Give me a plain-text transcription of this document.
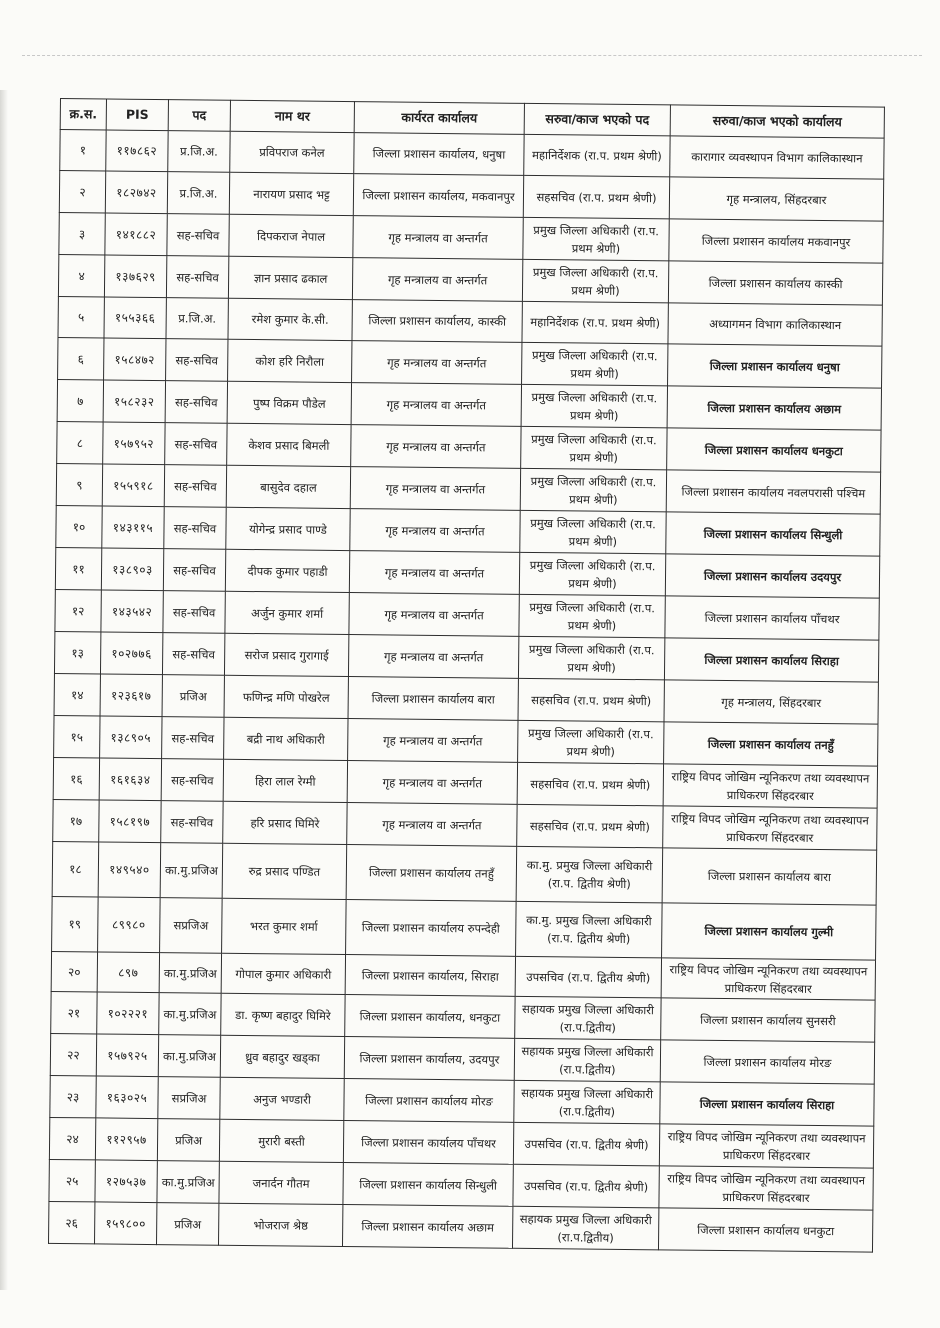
क्र.स.	PIS	पद	नाम थर	कार्यरत कार्यालय	सरुवा/काज भएको पद	सरुवा/काज भएको कार्यालय
१	११७८६२	प्र.जि.अ.	प्रविपराज कनेल	जिल्ला प्रशासन कार्यालय, धनुषा	महानिर्देशक (रा.प. प्रथम श्रेणी)	कारागार व्यवस्थापन विभाग कालिकास्थान
२	१८२७४२	प्र.जि.अ.	नारायण प्रसाद भट्ट	जिल्ला प्रशासन कार्यालय, मकवानपुर	सहसचिव (रा.प. प्रथम श्रेणी)	गृह मन्त्रालय, सिंहदरबार
३	१४१८८२	सह-सचिव	दिपकराज नेपाल	गृह मन्त्रालय वा अन्तर्गत	प्रमुख जिल्ला अधिकारी (रा.प. प्रथम श्रेणी)	जिल्ला प्रशासन कार्यालय मकवानपुर
४	१३७६२९	सह-सचिव	ज्ञान प्रसाद ढकाल	गृह मन्त्रालय वा अन्तर्गत	प्रमुख जिल्ला अधिकारी (रा.प. प्रथम श्रेणी)	जिल्ला प्रशासन कार्यालय कास्की
५	१५५३६६	प्र.जि.अ.	रमेश कुमार के.सी.	जिल्ला प्रशासन कार्यालय, कास्की	महानिर्देशक (रा.प. प्रथम श्रेणी)	अध्यागमन विभाग कालिकास्थान
६	१५८४७२	सह-सचिव	कोश हरि निरौला	गृह मन्त्रालय वा अन्तर्गत	प्रमुख जिल्ला अधिकारी (रा.प. प्रथम श्रेणी)	जिल्ला प्रशासन कार्यालय धनुषा
७	१५८२३२	सह-सचिव	पुष्प विक्रम पौडेल	गृह मन्त्रालय वा अन्तर्गत	प्रमुख जिल्ला अधिकारी (रा.प. प्रथम श्रेणी)	जिल्ला प्रशासन कार्यालय अछाम
८	१५७९५२	सह-सचिव	केशव प्रसाद बिमली	गृह मन्त्रालय वा अन्तर्गत	प्रमुख जिल्ला अधिकारी (रा.प. प्रथम श्रेणी)	जिल्ला प्रशासन कार्यालय धनकुटा
९	१५५९१८	सह-सचिव	बासुदेव दहाल	गृह मन्त्रालय वा अन्तर्गत	प्रमुख जिल्ला अधिकारी (रा.प. प्रथम श्रेणी)	जिल्ला प्रशासन कार्यालय नवलपरासी पश्चिम
१०	१४३११५	सह-सचिव	योगेन्द्र प्रसाद पाण्डे	गृह मन्त्रालय वा अन्तर्गत	प्रमुख जिल्ला अधिकारी (रा.प. प्रथम श्रेणी)	जिल्ला प्रशासन कार्यालय सिन्धुली
११	१३८९०३	सह-सचिव	दीपक कुमार पहाडी	गृह मन्त्रालय वा अन्तर्गत	प्रमुख जिल्ला अधिकारी (रा.प. प्रथम श्रेणी)	जिल्ला प्रशासन कार्यालय उदयपुर
१२	१४३५४२	सह-सचिव	अर्जुन कुमार शर्मा	गृह मन्त्रालय वा अन्तर्गत	प्रमुख जिल्ला अधिकारी (रा.प. प्रथम श्रेणी)	जिल्ला प्रशासन कार्यालय पाँचथर
१३	१०२७७६	सह-सचिव	सरोज प्रसाद गुरागाई	गृह मन्त्रालय वा अन्तर्गत	प्रमुख जिल्ला अधिकारी (रा.प. प्रथम श्रेणी)	जिल्ला प्रशासन कार्यालय सिराहा
१४	१२३६१७	प्रजिअ	फणिन्द्र मणि पोखरेल	जिल्ला प्रशासन कार्यालय बारा	सहसचिव (रा.प. प्रथम श्रेणी)	गृह मन्त्रालय, सिंहदरबार
१५	१३८९०५	सह-सचिव	बद्री नाथ अधिकारी	गृह मन्त्रालय वा अन्तर्गत	प्रमुख जिल्ला अधिकारी (रा.प. प्रथम श्रेणी)	जिल्ला प्रशासन कार्यालय तनहुँ
१६	१६१६३४	सह-सचिव	हिरा लाल रेग्मी	गृह मन्त्रालय वा अन्तर्गत	सहसचिव (रा.प. प्रथम श्रेणी)	राष्ट्रिय विपद जोखिम न्यूनिकरण तथा व्यवस्थापन प्राधिकरण सिंहदरबार
१७	१५८१९७	सह-सचिव	हरि प्रसाद घिमिरे	गृह मन्त्रालय वा अन्तर्गत	सहसचिव (रा.प. प्रथम श्रेणी)	राष्ट्रिय विपद जोखिम न्यूनिकरण तथा व्यवस्थापन प्राधिकरण सिंहदरबार
१८	१४९५४०	का.मु.प्रजिअ	रुद्र प्रसाद पण्डित	जिल्ला प्रशासन कार्यालय तनहुँ	का.मु. प्रमुख जिल्ला अधिकारी (रा.प. द्वितीय श्रेणी)	जिल्ला प्रशासन कार्यालय बारा
१९	८९९८०	सप्रजिअ	भरत कुमार शर्मा	जिल्ला प्रशासन कार्यालय रुपन्देही	का.मु. प्रमुख जिल्ला अधिकारी (रा.प. द्वितीय श्रेणी)	जिल्ला प्रशासन कार्यालय गुल्मी
२०	८९७	का.मु.प्रजिअ	गोपाल कुमार अधिकारी	जिल्ला प्रशासन कार्यालय, सिराहा	उपसचिव (रा.प. द्वितीय श्रेणी)	राष्ट्रिय विपद जोखिम न्यूनिकरण तथा व्यवस्थापन प्राधिकरण सिंहदरबार
२१	१०२२२१	का.मु.प्रजिअ	डा. कृष्ण बहादुर घिमिरे	जिल्ला प्रशासन कार्यालय, धनकुटा	सहायक प्रमुख जिल्ला अधिकारी (रा.प.द्वितीय)	जिल्ला प्रशासन कार्यालय सुनसरी
२२	१५७९२५	का.मु.प्रजिअ	ध्रुव बहादुर खड्का	जिल्ला प्रशासन कार्यालय, उदयपुर	सहायक प्रमुख जिल्ला अधिकारी (रा.प.द्वितीय)	जिल्ला प्रशासन कार्यालय मोरङ
२३	१६३०२५	सप्रजिअ	अनुज भण्डारी	जिल्ला प्रशासन कार्यालय मोरङ	सहायक प्रमुख जिल्ला अधिकारी (रा.प.द्वितीय)	जिल्ला प्रशासन कार्यालय सिराहा
२४	११२९५७	प्रजिअ	मुरारी बस्ती	जिल्ला प्रशासन कार्यालय पाँचथर	उपसचिव (रा.प. द्वितीय श्रेणी)	राष्ट्रिय विपद जोखिम न्यूनिकरण तथा व्यवस्थापन प्राधिकरण सिंहदरबार
२५	१२७५३७	का.मु.प्रजिअ	जनार्दन गौतम	जिल्ला प्रशासन कार्यालय सिन्धुली	उपसचिव (रा.प. द्वितीय श्रेणी)	राष्ट्रिय विपद जोखिम न्यूनिकरण तथा व्यवस्थापन प्राधिकरण सिंहदरबार
२६	१५९८००	प्रजिअ	भोजराज श्रेष्ठ	जिल्ला प्रशासन कार्यालय अछाम	सहायक प्रमुख जिल्ला अधिकारी (रा.प.द्वितीय)	जिल्ला प्रशासन कार्यालय धनकुटा
